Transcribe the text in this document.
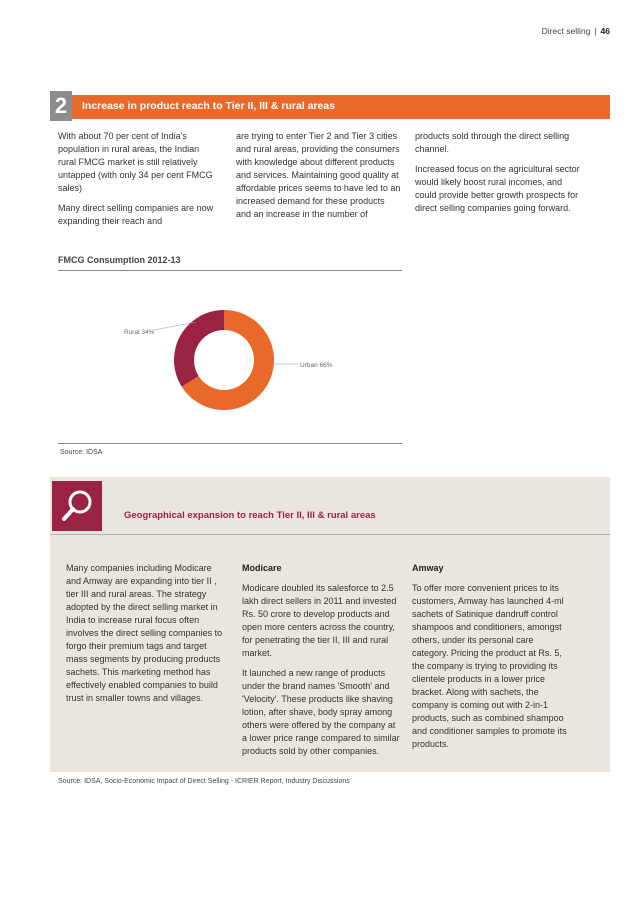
Direct selling | 46
2	Increase in product reach to Tier II, III & rural areas

With about 70 per cent of India's population in rural areas, the Indian rural FMCG market is still relatively untapped (with only 34 per cent FMCG sales)

Many direct selling companies are now expanding their reach and

are trying to enter Tier 2 and Tier 3 cities and rural areas, providing the consumers with knowledge about different products and services. Maintaining good quality at affordable prices seems to have led to an increased demand for these products and an increase in the number of

products sold through the direct selling channel.

Increased focus on the agricultural sector would likely boost rural incomes, and could provide better growth prospects for direct selling companies going forward.

FMCG Consumption 2012-13
Rural 34%
Urban 66%
Source: IDSA
Geographical expansion to reach Tier II, III & rural areas

Many companies including Modicare and Amway are expanding into tier II , tier III and rural areas. The strategy adopted by the direct selling market in India to increase rural focus often involves the direct selling companies to forgo their premium tags and target mass segments by producing products sachets. This marketing method has effectively enabled companies to build trust in smaller towns and villages.

Modicare

Modicare doubled its salesforce to 2.5 lakh direct sellers in 2011 and invested Rs. 50 crore to develop products and open more centers across the country, for penetrating the tier II, III and rural market.

It launched a new range of products under the brand names 'Smooth' and 'Velocity'. These products like shaving lotion, after shave, body spray among others were offered by the company at a lower price range compared to similar products sold by other companies.

Amway

To offer more convenient prices to its customers, Amway has launched 4-ml sachets of Satinique dandruff control shampoos and conditioners, amongst others, under its personal care category. Pricing the product at Rs. 5, the company is trying to providing its clientele products in a lower price bracket. Along with sachets, the company is coming out with 2-in-1 products, such as combined shampoo and conditioner samples to promote its products.

Source: IDSA, Socio-Economic Impact of Direct Selling - ICRIER Report, Industry Discussions
